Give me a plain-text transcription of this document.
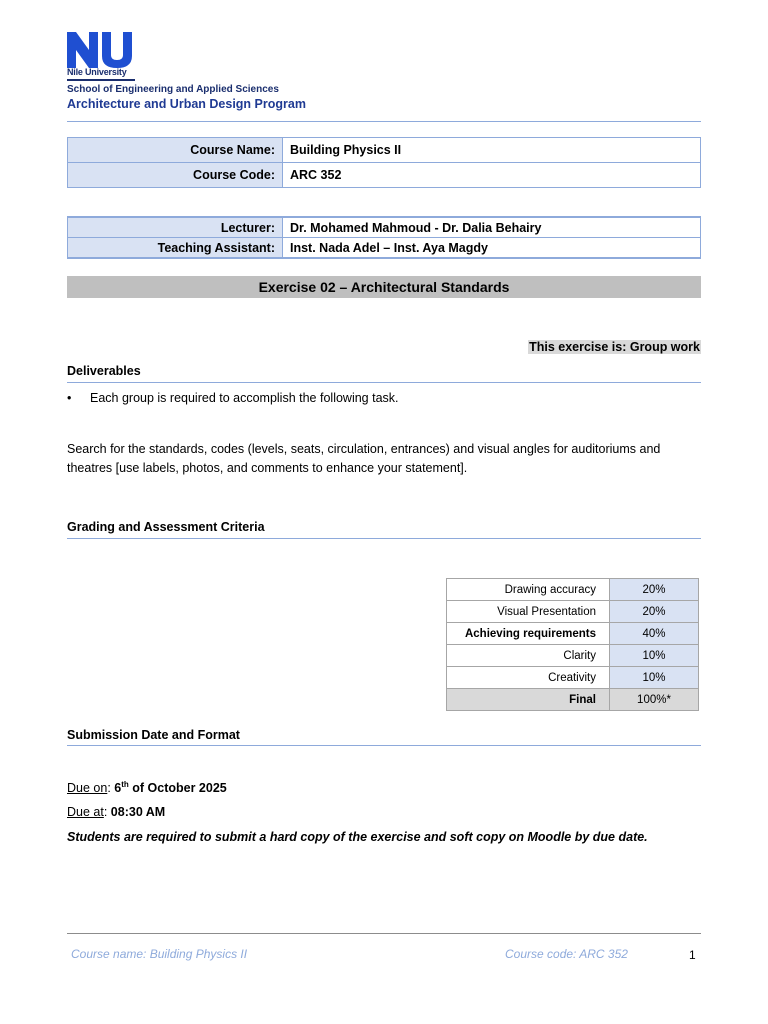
Nile University
School of Engineering and Applied Sciences
Architecture and Urban Design Program
Course Name:	Building Physics II
Course Code:	ARC 352
Lecturer:	Dr. Mohamed Mahmoud - Dr. Dalia Behairy
Teaching Assistant:	Inst. Nada Adel – Inst. Aya Magdy
Exercise 02 – Architectural Standards
This exercise is: Group work
Deliverables
• Each group is required to accomplish the following task.
Search for the standards, codes (levels, seats, circulation, entrances) and visual angles for auditoriums and theatres [use labels, photos, and comments to enhance your statement].
Grading and Assessment Criteria
Drawing accuracy	20%
Visual Presentation	20%
Achieving requirements	40%
Clarity	10%
Creativity	10%
Final	100%*
Submission Date and Format
Due on: 6th of October 2025
Due at: 08:30 AM
Students are required to submit a hard copy of the exercise and soft copy on Moodle by due date.
Course name: Building Physics II	Course code: ARC 352	1
